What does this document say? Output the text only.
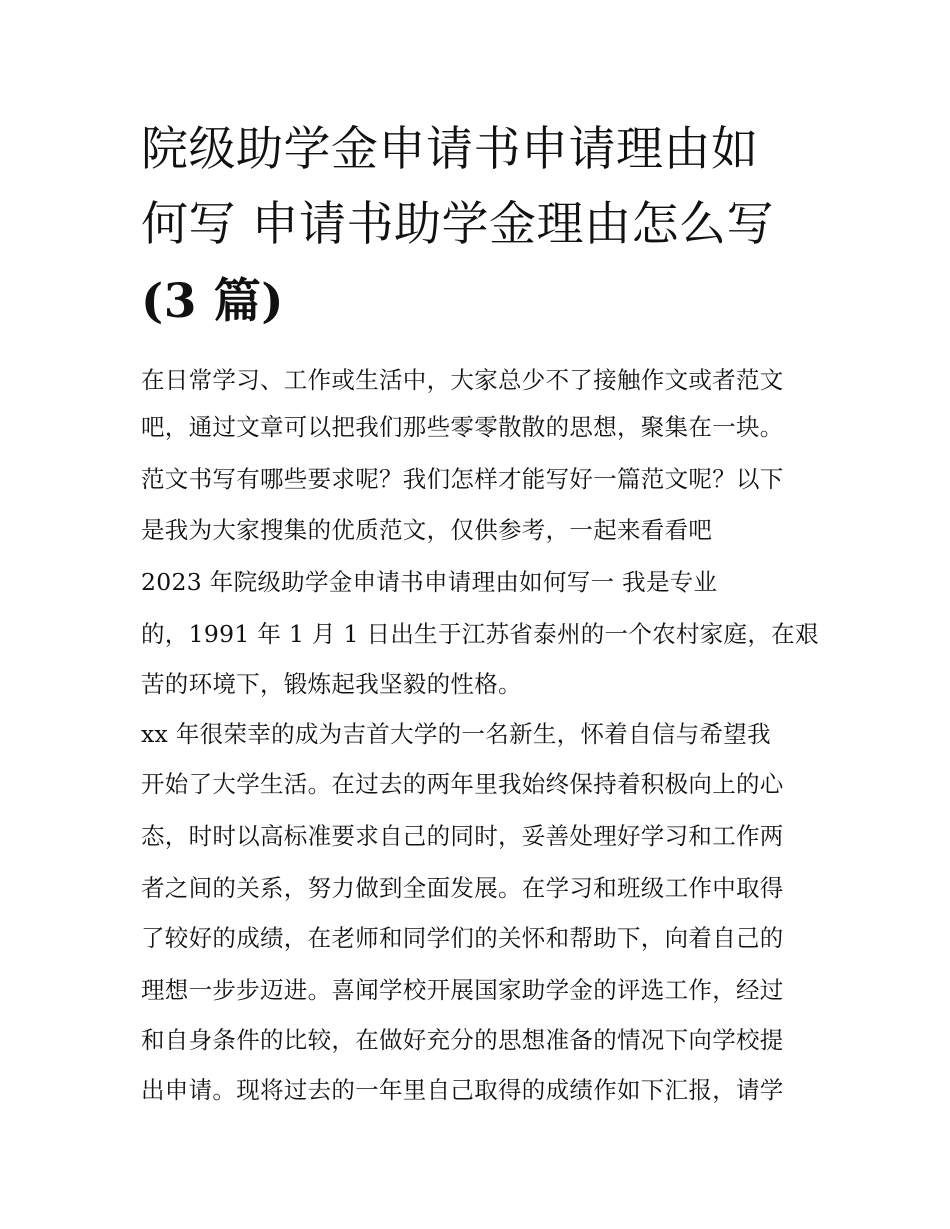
院级助学金申请书申请理由如
何写 申请书助学金理由怎么写
(3 篇)
在日常学习、工作或生活中，大家总少不了接触作文或者范文
吧，通过文章可以把我们那些零零散散的思想，聚集在一块。
范文书写有哪些要求呢？我们怎样才能写好一篇范文呢？以下
是我为大家搜集的优质范文，仅供参考，一起来看看吧
2023 年院级助学金申请书申请理由如何写一 我是专业
的，1991 年 1 月 1 日出生于江苏省泰州的一个农村家庭，在艰
苦的环境下，锻炼起我坚毅的性格。
xx 年很荣幸的成为吉首大学的一名新生，怀着自信与希望我
开始了大学生活。在过去的两年里我始终保持着积极向上的心
态，时时以高标准要求自己的同时，妥善处理好学习和工作两
者之间的关系，努力做到全面发展。在学习和班级工作中取得
了较好的成绩，在老师和同学们的关怀和帮助下，向着自己的
理想一步步迈进。喜闻学校开展国家助学金的评选工作，经过
和自身条件的比较，在做好充分的思想准备的情况下向学校提
出申请。现将过去的一年里自己取得的成绩作如下汇报，请学
